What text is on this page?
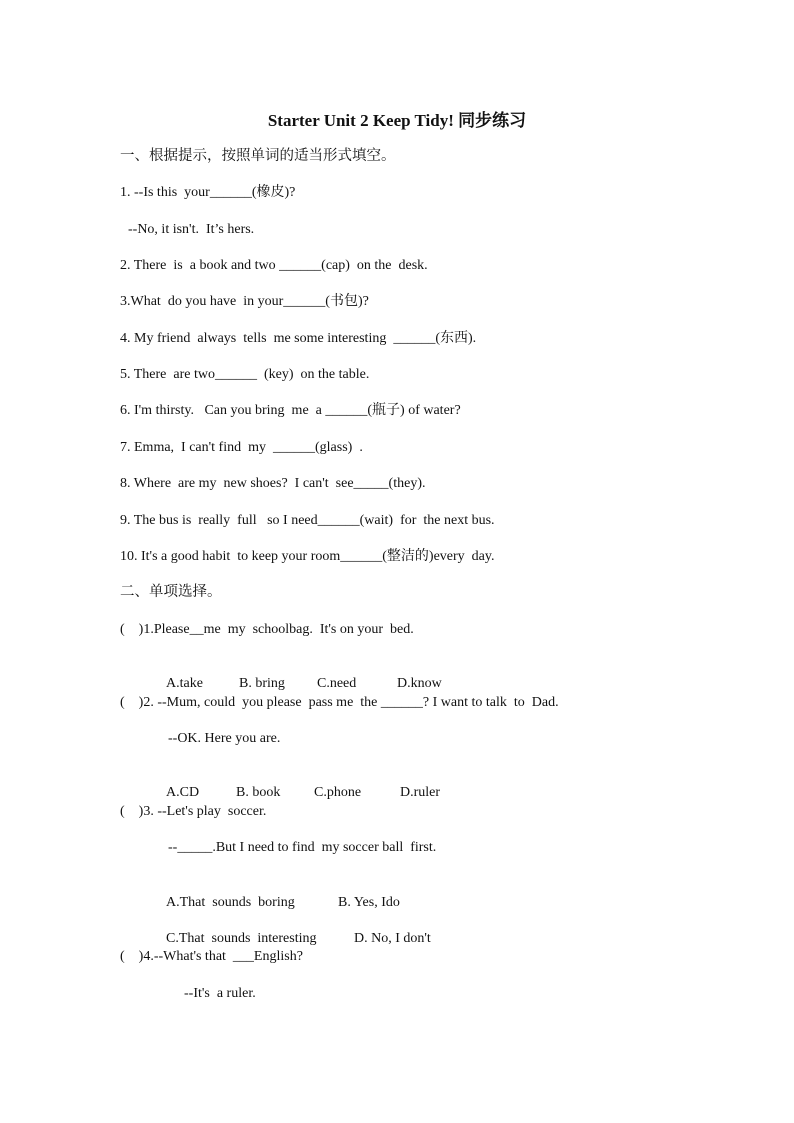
Starter Unit 2 Keep Tidy! 同步练习
一、根据提示，按照单词的适当形式填空。
1. --Is this  your______(橡皮)?
--No, it isn't.  It’s hers.
2. There  is  a book and two ______(cap)  on the  desk.
3.What  do you have  in your______(书包)?
4. My friend  always  tells  me some interesting  ______(东西).
5. There  are two______  (key)  on the table.
6. I'm thirsty.   Can you bring  me  a ______(瓶子) of water?
7. Emma,  I can't find  my  ______(glass)  .
8. Where  are my  new shoes?  I can't  see_____(they).
9. The bus is  really  full   so I need______(wait)  for  the next bus.
10. It's a good habit  to keep your room______(整洁的)every  day.
二、单项选择。
(    )1.Please__me  my  schoolbag.  It's on your  bed.

A.take	B. bring C.need	D.know

(    )2. --Mum, could  you please  pass me  the ______? I want to talk  to  Dad.
--OK. Here you are.

A.CD	B. book C.phone	D.ruler

(    )3. --Let's play  soccer.
--_____.But I need to find  my soccer ball  first.

A.That  sounds  boring	B. Yes, Ido

C.That  sounds  interesting	D. No, I don't

(    )4.--What's that  ___English?
--It's  a ruler.
